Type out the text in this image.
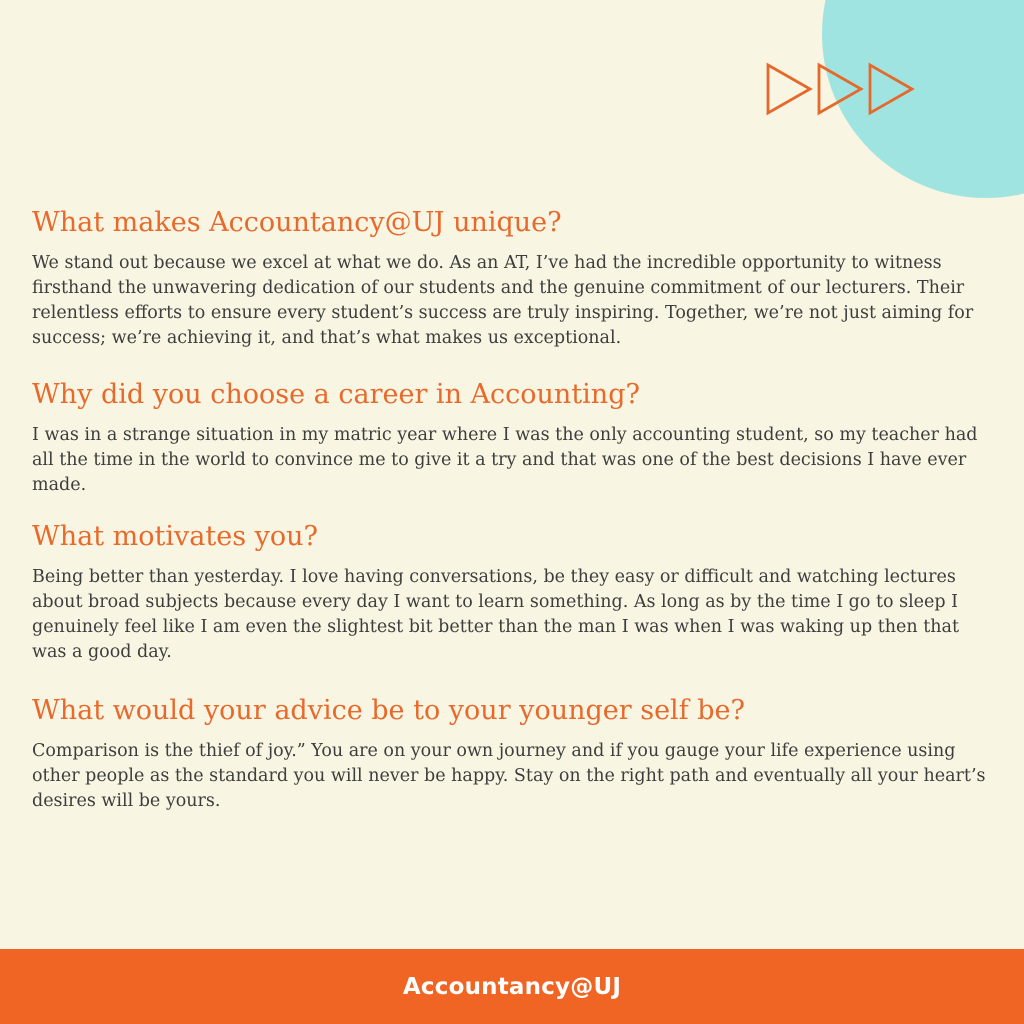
What makes Accountancy@UJ unique?

We stand out because we excel at what we do. As an AT, I’ve had the incredible opportunity to witness firsthand the unwavering dedication of our students and the genuine commitment of our lecturers. Their relentless efforts to ensure every student’s success are truly inspiring. Together, we’re not just aiming for success; we’re achieving it, and that’s what makes us exceptional.

Why did you choose a career in Accounting?

I was in a strange situation in my matric year where I was the only accounting student, so my teacher had all the time in the world to convince me to give it a try and that was one of the best decisions I have ever made.

What motivates you?

Being better than yesterday. I love having conversations, be they easy or difficult and watching lectures about broad subjects because every day I want to learn something. As long as by the time I go to sleep I genuinely feel like I am even the slightest bit better than the man I was when I was waking up then that was a good day.

What would your advice be to your younger self be?

Comparison is the thief of joy.” You are on your own journey and if you gauge your life experience using other people as the standard you will never be happy. Stay on the right path and eventually all your heart’s desires will be yours.

Accountancy@UJ
